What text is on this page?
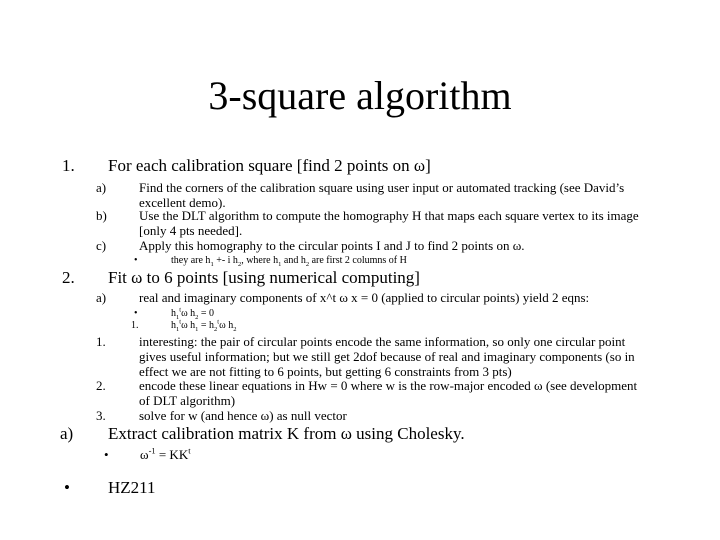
3-square algorithm
1. For each calibration square [find 2 points on ω]
a)	Find the corners of the calibration square using user input or automated tracking (see David’s excellent demo).
b) Use the DLT algorithm to compute the homography H that maps each square vertex to its image [only 4 pts needed].
c)	Apply this homography to the circular points I and J to find 2 points on ω.
•	they are $h_1 +- i$ $h_2$, where $h_1$ and $h_2$ are first 2 columns of H
2. Fit ω to 6 points [using numerical computing]
a)	real and imaginary components of x^t ω x = 0 (applied to circular points) yield 2 eqns:
•	$h_1^t\omega$ $h_2 = 0$
1.	$h_1^t\omega$ $h_1 = h_2^t\omega$ $h_2$
1.	interesting: the pair of circular points encode the same information, so only one circular point gives useful information; but we still get 2dof because of real and imaginary components (so in effect we are not fitting to 6 points, but getting 6 constraints from 3 pts)
2.	encode these linear equations in Hw = 0 where w is the row-major encoded ω (see development of DLT algorithm)
3.	solve for w (and hence ω) as null vector
a) Extract calibration matrix K from ω using Cholesky.
• $\omega^{-1} = KK^t$
• HZ211
